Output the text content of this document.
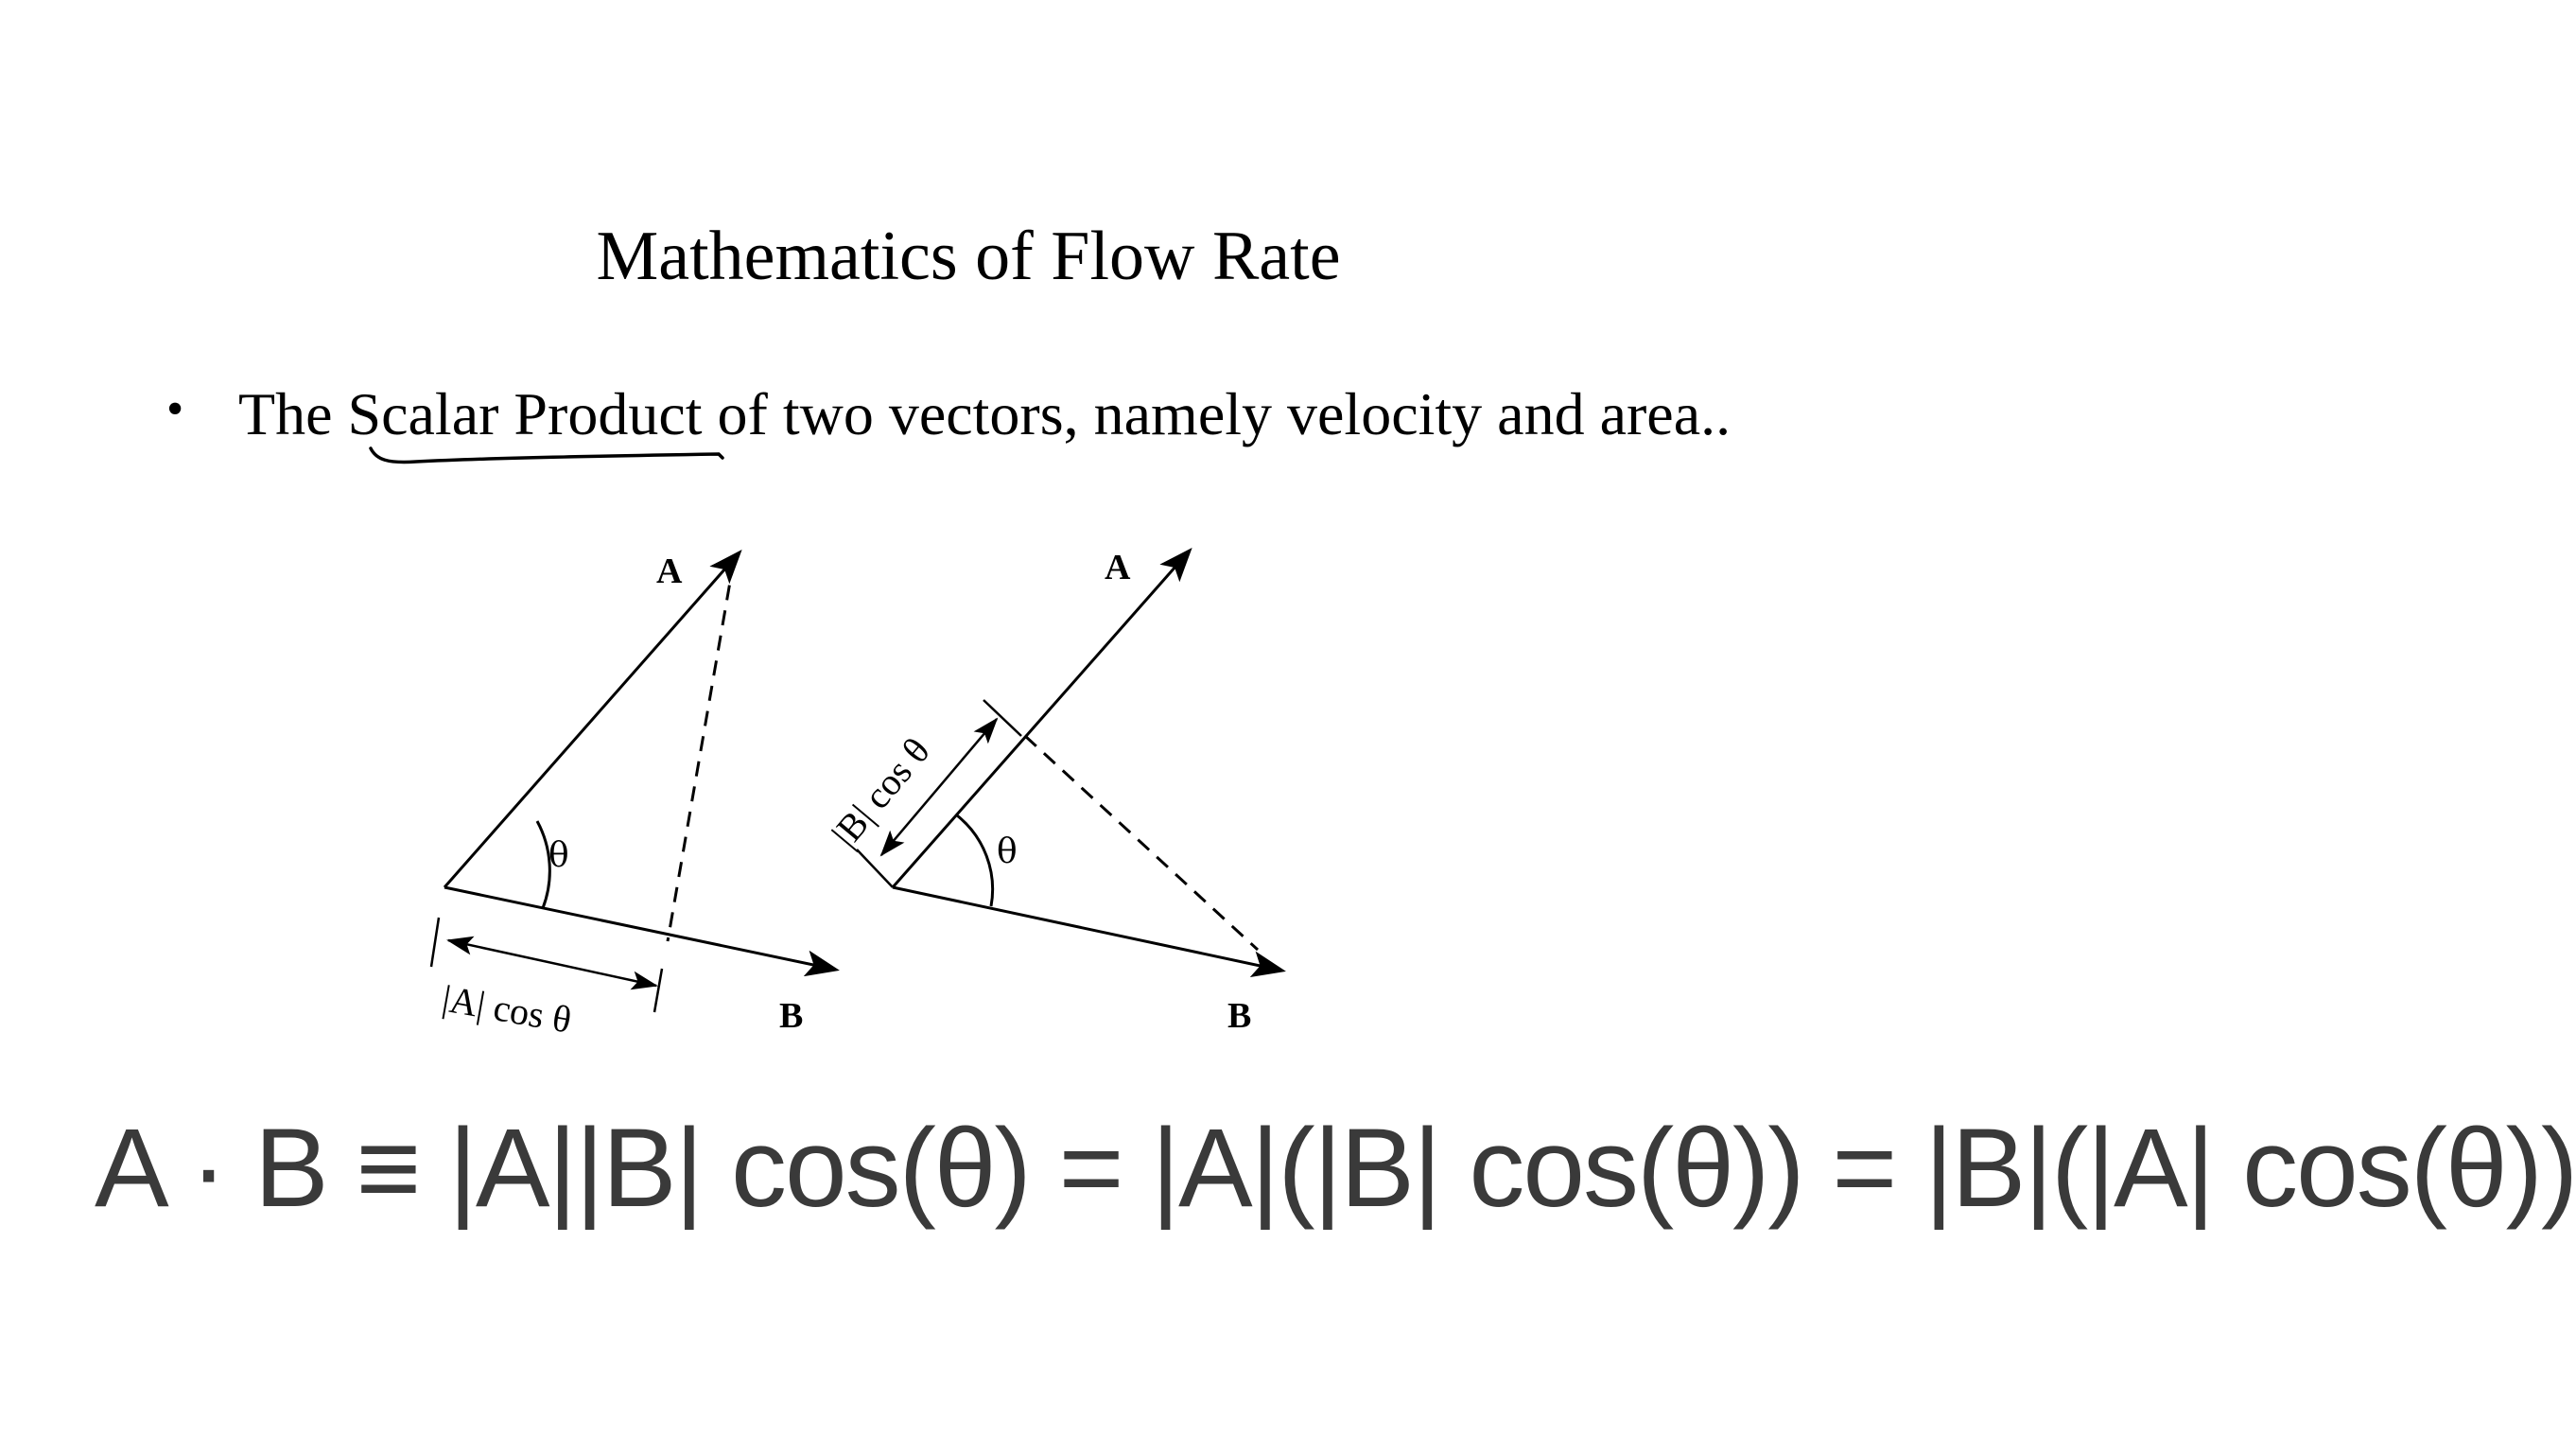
Mathematics of Flow Rate
• The Scalar Product of two vectors, namely velocity and area..
θ
A
B
|A| cos θ
θ
A
B
|B| cos θ
A · B ≡ |A||B| cos(θ) = |A|(|B| cos(θ)) = |B|(|A| cos(θ))
